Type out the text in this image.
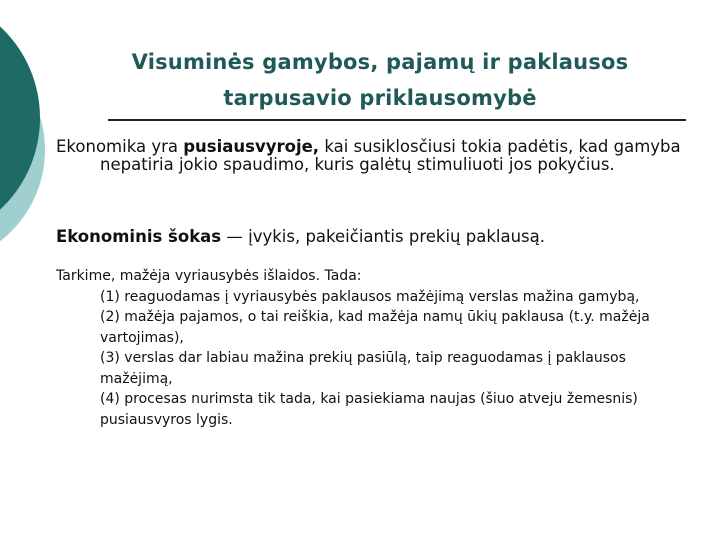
Visuminės gamybos, pajamų ir paklausos
tarpusavio priklausomybė
Ekonomika yra pusiausvyroje, kai susiklosčiusi tokia padėtis, kad gamyba nepatiria jokio spaudimo, kuris galėtų stimuliuoti jos pokyčius.
Ekonominis šokas — įvykis, pakeičiantis prekių paklausą.
Tarkime, mažėja vyriausybės išlaidos. Tada:
(1) reaguodamas į vyriausybės paklausos mažėjimą verslas mažina gamybą,
(2) mažėja pajamos, o tai reiškia, kad mažėja namų ūkių paklausa (t.y. mažėja vartojimas),
(3) verslas dar labiau mažina prekių pasiūlą, taip reaguodamas į paklausos mažėjimą,
(4) procesas nurimsta tik tada, kai pasiekiama naujas (šiuo atveju žemesnis) pusiausvyros lygis.
